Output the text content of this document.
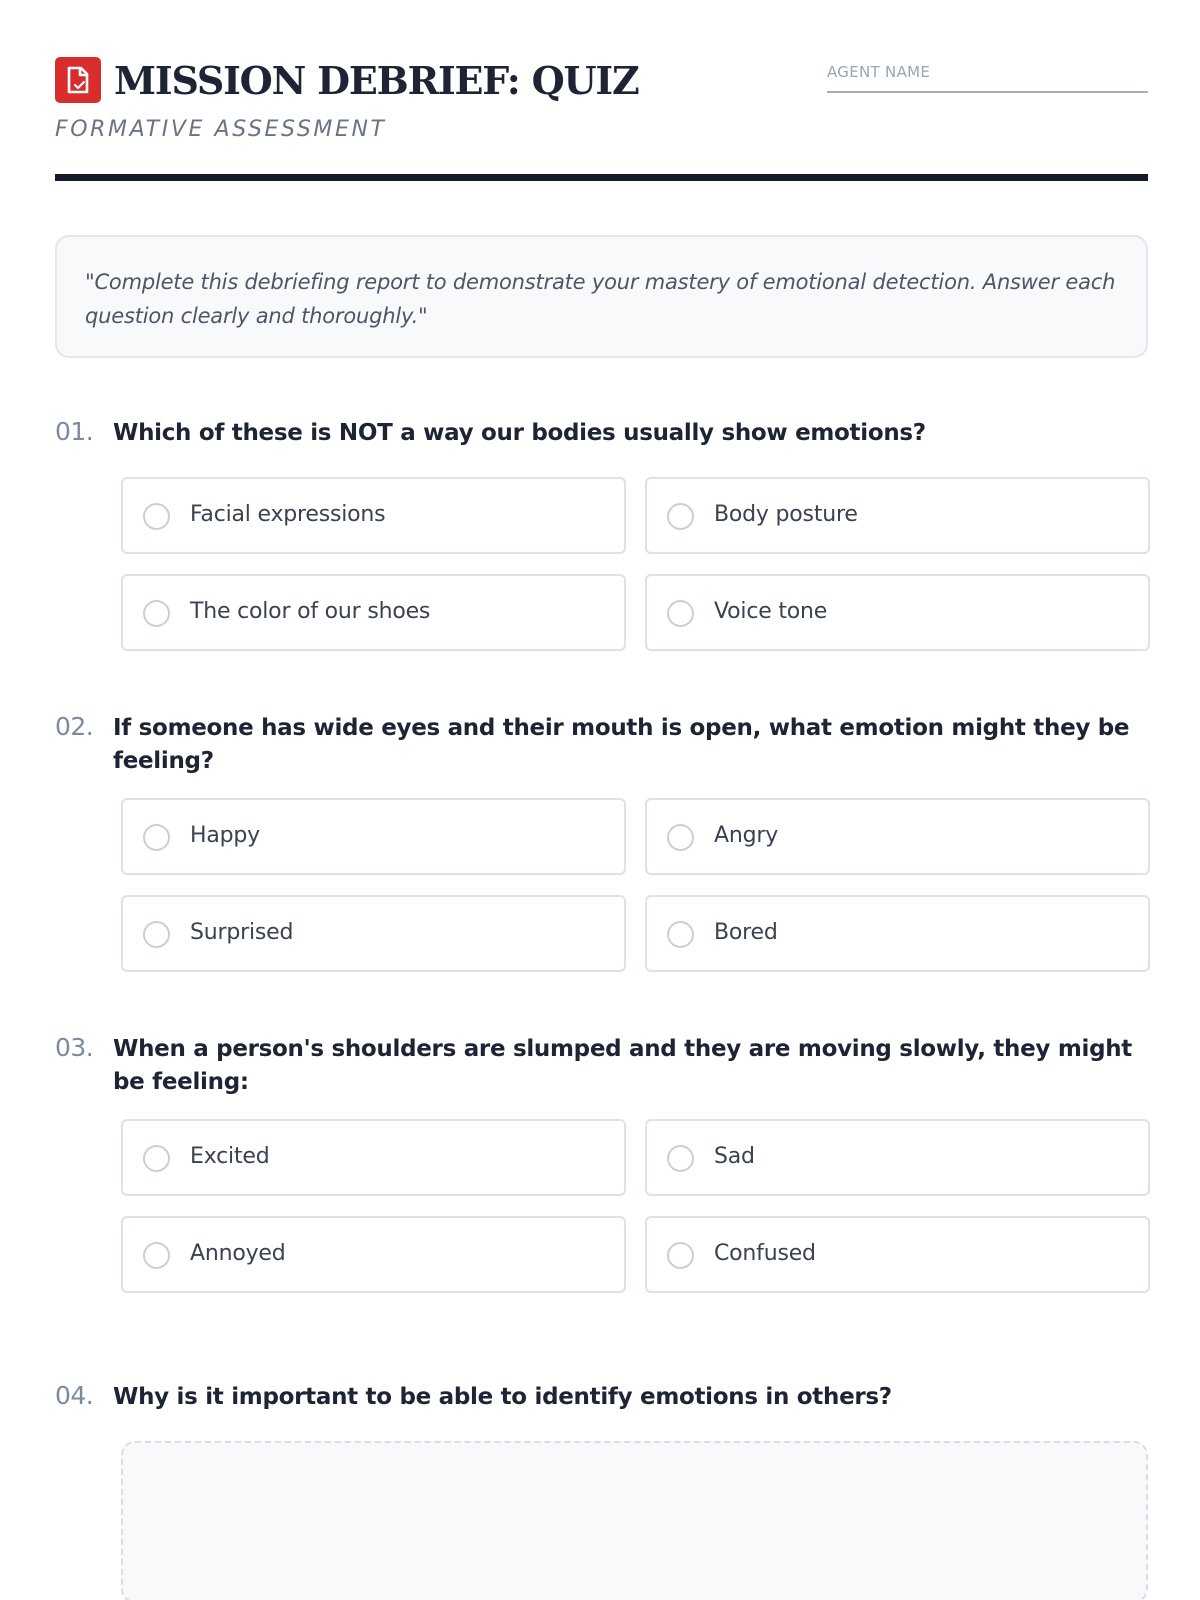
MISSION DEBRIEF: QUIZ
FORMATIVE ASSESSMENT
AGENT NAME
"Complete this debriefing report to demonstrate your mastery of emotional detection. Answer each question clearly and thoroughly."
01. Which of these is NOT a way our bodies usually show emotions?
Facial expressions	Body posture
The color of our shoes	Voice tone
02. If someone has wide eyes and their mouth is open, what emotion might they be feeling?
Happy	Angry
Surprised	Bored
03. When a person's shoulders are slumped and they are moving slowly, they might be feeling:
Excited	Sad
Annoyed	Confused
04. Why is it important to be able to identify emotions in others?
